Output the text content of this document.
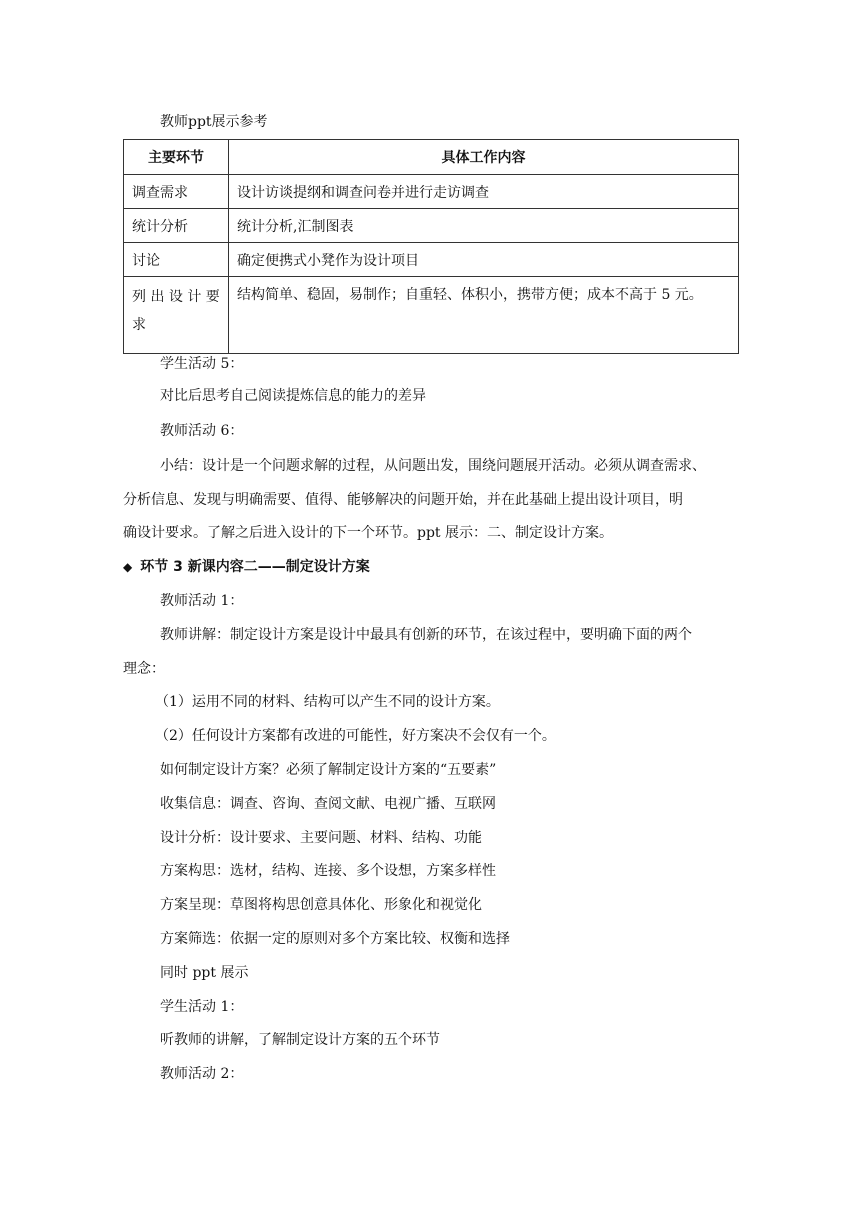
教师ppt展示参考
主要环节	具体工作内容
调查需求	设计访谈提纲和调查问卷并进行走访调查
统计分析	统计分析,汇制图表
讨论	确定便携式小凳作为设计项目
列 出 设 计 要 求	结构简单、稳固，易制作；自重轻、体积小，携带方便；成本不高于 5 元。
学生活动 5：
对比后思考自己阅读提炼信息的能力的差异
教师活动 6：
小结：设计是一个问题求解的过程，从问题出发，围绕问题展开活动。必须从调查需求、
分析信息、发现与明确需要、值得、能够解决的问题开始，并在此基础上提出设计项目，明
确设计要求。了解之后进入设计的下一个环节。ppt 展示：二、制定设计方案。
◆ 环节 3 新课内容二——制定设计方案
教师活动 1：
教师讲解：制定设计方案是设计中最具有创新的环节，在该过程中，要明确下面的两个
理念：
（1）运用不同的材料、结构可以产生不同的设计方案。
（2）任何设计方案都有改进的可能性，好方案决不会仅有一个。
如何制定设计方案？必须了解制定设计方案的“五要素”
收集信息：调查、咨询、查阅文献、电视广播、互联网
设计分析：设计要求、主要问题、材料、结构、功能
方案构思：选材，结构、连接、多个设想，方案多样性
方案呈现：草图将构思创意具体化、形象化和视觉化
方案筛选：依据一定的原则对多个方案比较、权衡和选择
同时 ppt 展示
学生活动 1：
听教师的讲解，了解制定设计方案的五个环节
教师活动 2：
